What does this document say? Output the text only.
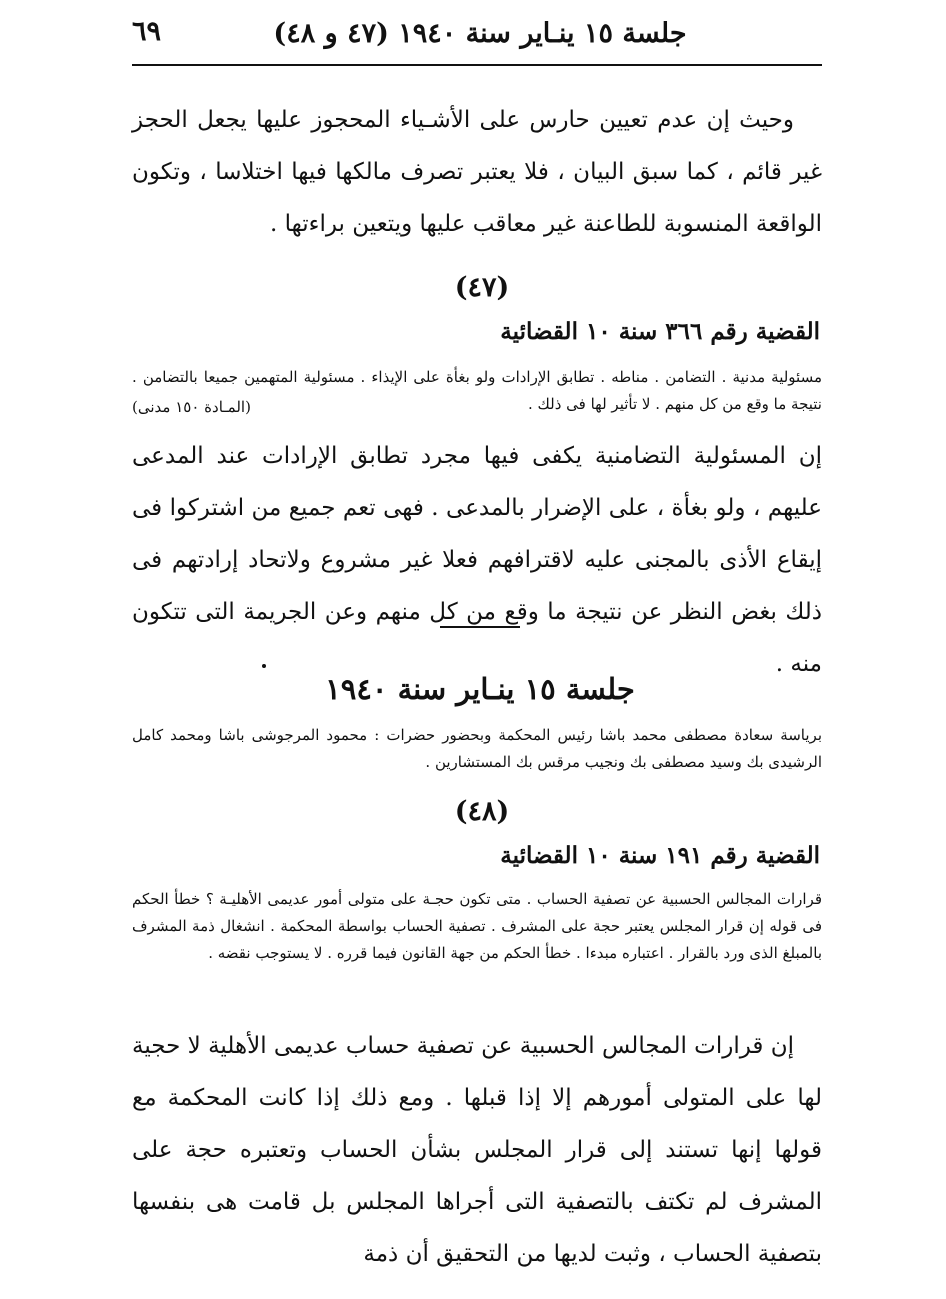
٦٩	جلسة ١٥ ينـاير سنة ١٩٤٠ (٤٧ و ٤٨)

وحيث إن عدم تعيين حارس على الأشـياء المحجوز عليها يجعل الحجز غير قائم ، كما سبق البيان ، فلا يعتبر تصرف مالكها فيها اختلاسا ، وتكون الواقعة المنسوبة للطاعنة غير معاقب عليها ويتعين براءتها .

(٤٧)
القضية رقم ٣٦٦ سنة ١٠ القضائية

مسئولية مدنية . التضامن . مناطه . تطابق الإرادات ولو بغأة على الإيذاء . مسئولية المتهمين جميعا بالتضامن . نتيجة ما وقع من كل منهم . لا تأثير لها فى ذلك .

(المـادة ١٥٠ مدنى)

إن المسئولية التضامنية يكفى فيها مجرد تطابق الإرادات عند المدعى عليهم ، ولو بغأة ، على الإضرار بالمدعى . فهى تعم جميع من اشتركوا فى إيقاع الأذى بالمجنى عليه لاقترافهم فعلا غير مشروع ولاتحاد إرادتهم فى ذلك بغض النظر عن نتيجة ما وقع من كل منهم وعن الجريمة التى تتكون منه .

جلسة ١٥ ينـاير سنة ١٩٤٠

برياسة سعادة مصطفى محمد باشا رئيس المحكمة وبحضور حضرات : محمود المرجوشى باشا ومحمد كامل الرشيدى بك وسيد مصطفى بك ونجيب مرقس بك المستشارين .

(٤٨)
القضية رقم ١٩١ سنة ١٠ القضائية

قرارات المجالس الحسبية عن تصفية الحساب . متى تكون حجـة على متولى أمور عديمى الأهليـة ؟ خطأ الحكم فى قوله إن قرار المجلس يعتبر حجة على المشرف . تصفية الحساب بواسطة المحكمة . انشغال ذمة المشرف بالمبلغ الذى ورد بالقرار . اعتباره مبدءا . خطأ الحكم من جهة القانون فيما قرره . لا يستوجب نقضه .

إن قرارات المجالس الحسبية عن تصفية حساب عديمى الأهلية لا حجية لها على المتولى أمورهم إلا إذا قبلها . ومع ذلك إذا كانت المحكمة مع قولها إنها تستند إلى قرار المجلس بشأن الحساب وتعتبره حجة على المشرف لم تكتف بالتصفية التى أجراها المجلس بل قامت هى بنفسها بتصفية الحساب ، وثبت لديها من التحقيق أن ذمة
